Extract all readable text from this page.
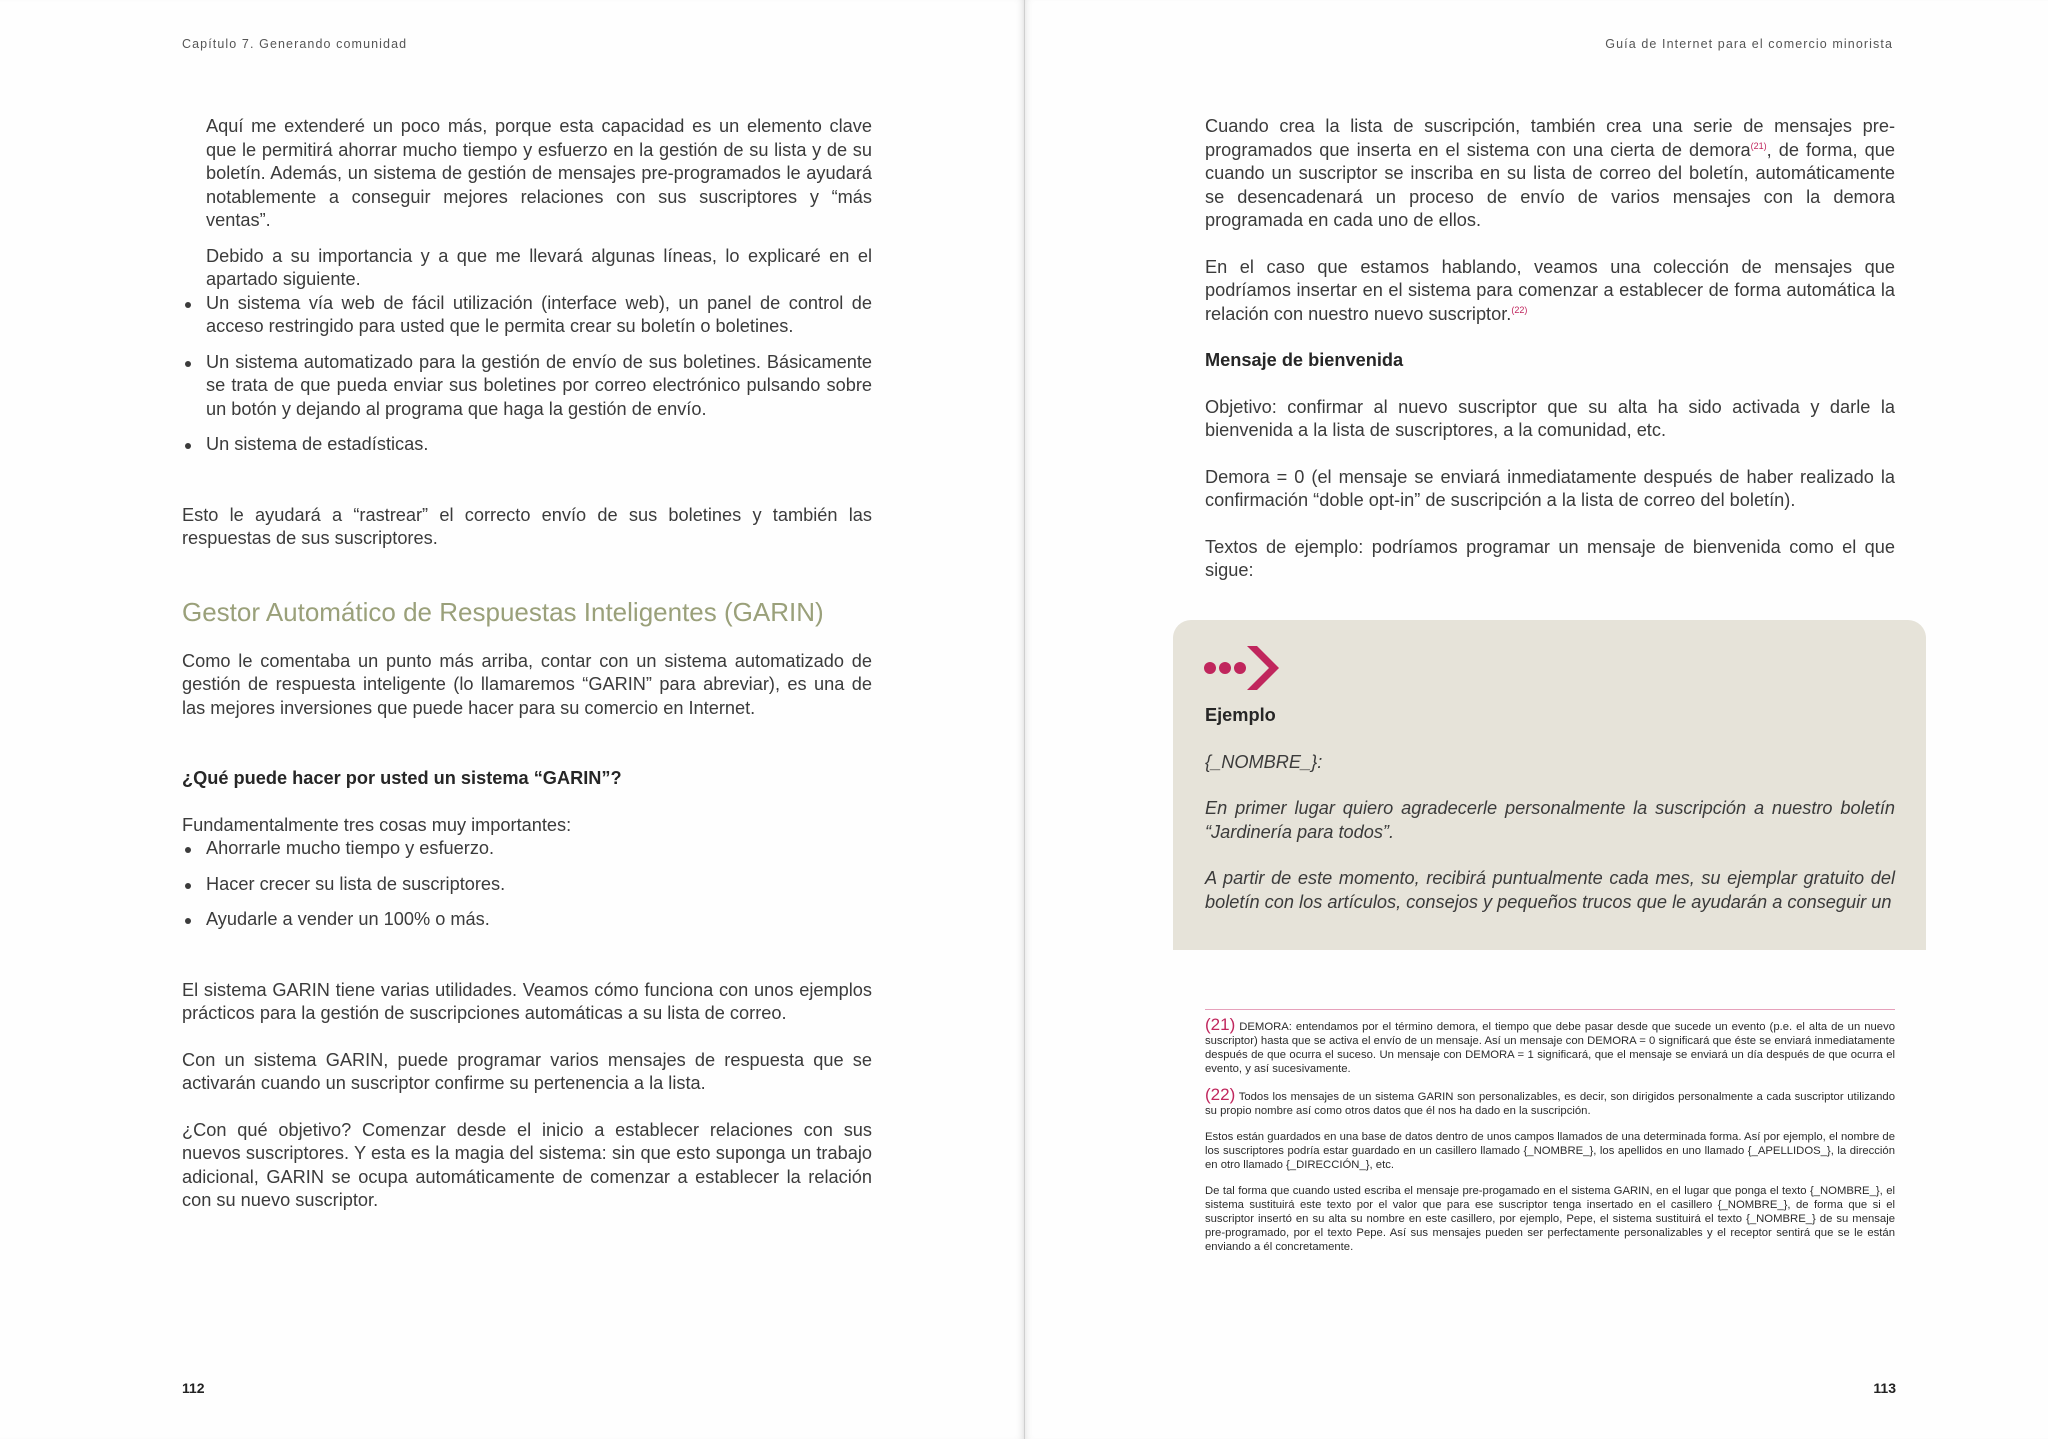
Capítulo 7. Generando comunidad

Aquí me extenderé un poco más, porque esta capacidad es un elemento clave que le permitirá ahorrar mucho tiempo y esfuerzo en la gestión de su lista y de su boletín. Además, un sistema de gestión de mensajes pre-programados le ayudará notablemente a conseguir mejores relaciones con sus suscriptores y “más ventas”.

Debido a su importancia y a que me llevará algunas líneas, lo explicaré en el apartado siguiente.

Un sistema vía web de fácil utilización (interface web), un panel de control de acceso restringido para usted que le permita crear su boletín o boletines.
Un sistema automatizado para la gestión de envío de sus boletines. Básicamente se trata de que pueda enviar sus boletines por correo electrónico pulsando sobre un botón y dejando al programa que haga la gestión de envío.
Un sistema de estadísticas.

Esto le ayudará a “rastrear” el correcto envío de sus boletines y también las respuestas de sus suscriptores.

Gestor Automático de Respuestas Inteligentes (GARIN)

Como le comentaba un punto más arriba, contar con un sistema automatizado de gestión de respuesta inteligente (lo llamaremos “GARIN” para abreviar), es una de las mejores inversiones que puede hacer para su comercio en Internet.

¿Qué puede hacer por usted un sistema “GARIN”?

Fundamentalmente tres cosas muy importantes:

Ahorrarle mucho tiempo y esfuerzo.
Hacer crecer su lista de suscriptores.
Ayudarle a vender un 100% o más.

El sistema GARIN tiene varias utilidades. Veamos cómo funciona con unos ejemplos prácticos para la gestión de suscripciones automáticas a su lista de correo.

Con un sistema GARIN, puede programar varios mensajes de respuesta que se activarán cuando un suscriptor confirme su pertenencia a la lista.

¿Con qué objetivo? Comenzar desde el inicio a establecer relaciones con sus nuevos suscriptores. Y esta es la magia del sistema: sin que esto suponga un trabajo adicional, GARIN se ocupa automáticamente de comenzar a establecer la relación con su nuevo suscriptor.

112
Guía de Internet para el comercio minorista
113

Cuando crea la lista de suscripción, también crea una serie de mensajes pre-programados que inserta en el sistema con una cierta de demora$^{(21)}$, de forma, que cuando un suscriptor se inscriba en su lista de correo del boletín, automáticamente se desencadenará un proceso de envío de varios mensajes con la demora programada en cada uno de ellos.

En el caso que estamos hablando, veamos una colección de mensajes que podríamos insertar en el sistema para comenzar a establecer de forma automática la relación con nuestro nuevo suscriptor.$^{(22)}$

Mensaje de bienvenida

Objetivo: confirmar al nuevo suscriptor que su alta ha sido activada y darle la bienvenida a la lista de suscriptores, a la comunidad, etc.

Demora = 0 (el mensaje se enviará inmediatamente después de haber realizado la confirmación “doble opt-in” de suscripción a la lista de correo del boletín).

Textos de ejemplo: podríamos programar un mensaje de bienvenida como el que sigue:

Ejemplo

{_NOMBRE_}:

En primer lugar quiero agradecerle personalmente la suscripción a nuestro boletín “Jardinería para todos”.

A partir de este momento, recibirá puntualmente cada mes, su ejemplar gratuito del boletín con los artículos, consejos y pequeños trucos que le ayudarán a conseguir un

(21) DEMORA: entendamos por el término demora, el tiempo que debe pasar desde que sucede un evento (p.e. el alta de un nuevo suscriptor) hasta que se activa el envío de un mensaje. Así un mensaje con DEMORA = 0 significará que éste se enviará inmediatamente después de que ocurra el suceso. Un mensaje con DEMORA = 1 significará, que el mensaje se enviará un día después de que ocurra el evento, y así sucesivamente.

(22) Todos los mensajes de un sistema GARIN son personalizables, es decir, son dirigidos personalmente a cada suscriptor utilizando su propio nombre así como otros datos que él nos ha dado en la suscripción.

Estos están guardados en una base de datos dentro de unos campos llamados de una determinada forma. Así por ejemplo, el nombre de los suscriptores podría estar guardado en un casillero llamado {_NOMBRE_}, los apellidos en uno llamado {_APELLIDOS_}, la dirección en otro llamado {_DIRECCIÓN_}, etc.

De tal forma que cuando usted escriba el mensaje pre-progamado en el sistema GARIN, en el lugar que ponga el texto {_NOMBRE_}, el sistema sustituirá este texto por el valor que para ese suscriptor tenga insertado en el casillero {_NOMBRE_}, de forma que si el suscriptor insertó en su alta su nombre en este casillero, por ejemplo, Pepe, el sistema sustituirá el texto {_NOMBRE_} de su mensaje pre-programado, por el texto Pepe. Así sus mensajes pueden ser perfectamente personalizables y el receptor sentirá que se le están enviando a él concretamente.
